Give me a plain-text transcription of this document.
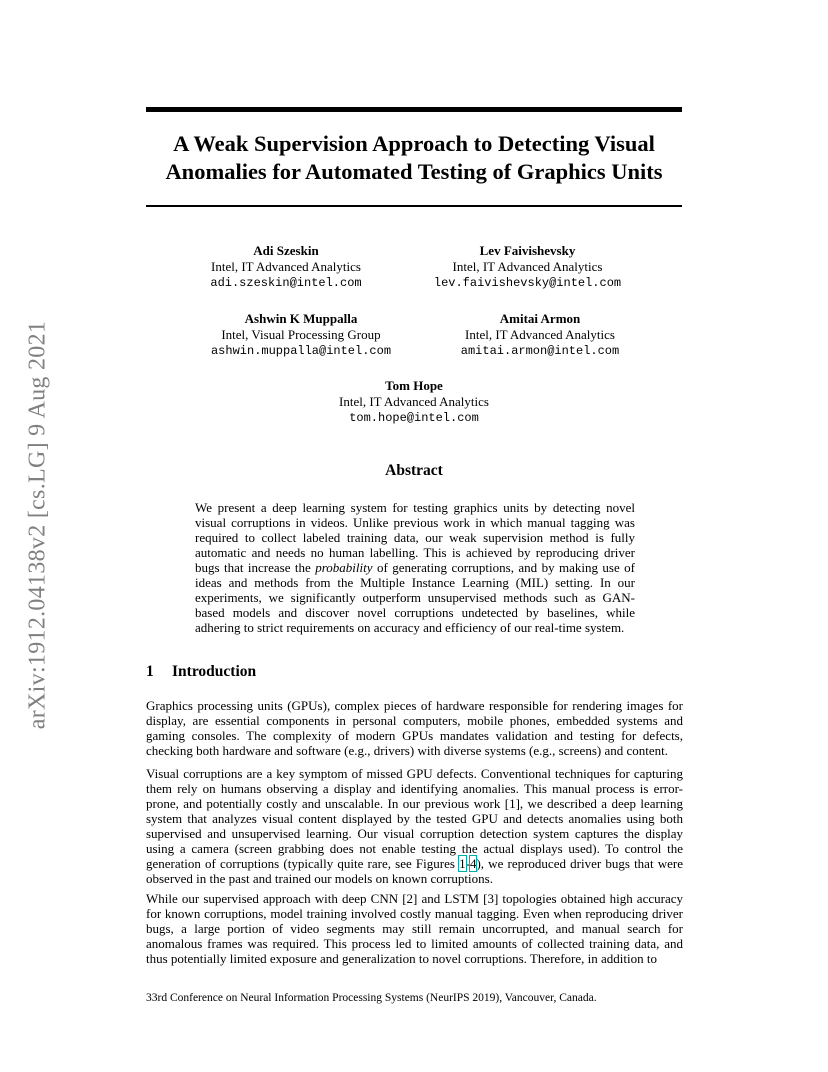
arXiv:1912.04138v2 [cs.LG] 9 Aug 2021
A Weak Supervision Approach to Detecting Visual
Anomalies for Automated Testing of Graphics Units
Adi Szeskin
Intel, IT Advanced Analytics
adi.szeskin@intel.com
Lev Faivishevsky
Intel, IT Advanced Analytics
lev.faivishevsky@intel.com
Ashwin K Muppalla
Intel, Visual Processing Group
ashwin.muppalla@intel.com
Amitai Armon
Intel, IT Advanced Analytics
amitai.armon@intel.com
Tom Hope
Intel, IT Advanced Analytics
tom.hope@intel.com
Abstract
We present a deep learning system for testing graphics units by detecting novel visual corruptions in videos. Unlike previous work in which manual tagging was required to collect labeled training data, our weak supervision method is fully automatic and needs no human labelling. This is achieved by reproducing driver bugs that increase the probability of generating corruptions, and by making use of ideas and methods from the Multiple Instance Learning (MIL) setting. In our experiments, we significantly outperform unsupervised methods such as GAN-based models and discover novel corruptions undetected by baselines, while adhering to strict requirements on accuracy and efficiency of our real-time system.
1 Introduction
Graphics processing units (GPUs), complex pieces of hardware responsible for rendering images for display, are essential components in personal computers, mobile phones, embedded systems and gaming consoles. The complexity of modern GPUs mandates validation and testing for defects, checking both hardware and software (e.g., drivers) with diverse systems (e.g., screens) and content.
Visual corruptions are a key symptom of missed GPU defects. Conventional techniques for capturing them rely on humans observing a display and identifying anomalies. This manual process is error-prone, and potentially costly and unscalable. In our previous work [1], we described a deep learning system that analyzes visual content displayed by the tested GPU and detects anomalies using both supervised and unsupervised learning. Our visual corruption detection system captures the display using a camera (screen grabbing does not enable testing the actual displays used). To control the generation of corruptions (typically quite rare, see Figures 1-4), we reproduced driver bugs that were observed in the past and trained our models on known corruptions.
While our supervised approach with deep CNN [2] and LSTM [3] topologies obtained high accuracy for known corruptions, model training involved costly manual tagging. Even when reproducing driver bugs, a large portion of video segments may still remain uncorrupted, and manual search for anomalous frames was required. This process led to limited amounts of collected training data, and thus potentially limited exposure and generalization to novel corruptions. Therefore, in addition to
33rd Conference on Neural Information Processing Systems (NeurIPS 2019), Vancouver, Canada.
